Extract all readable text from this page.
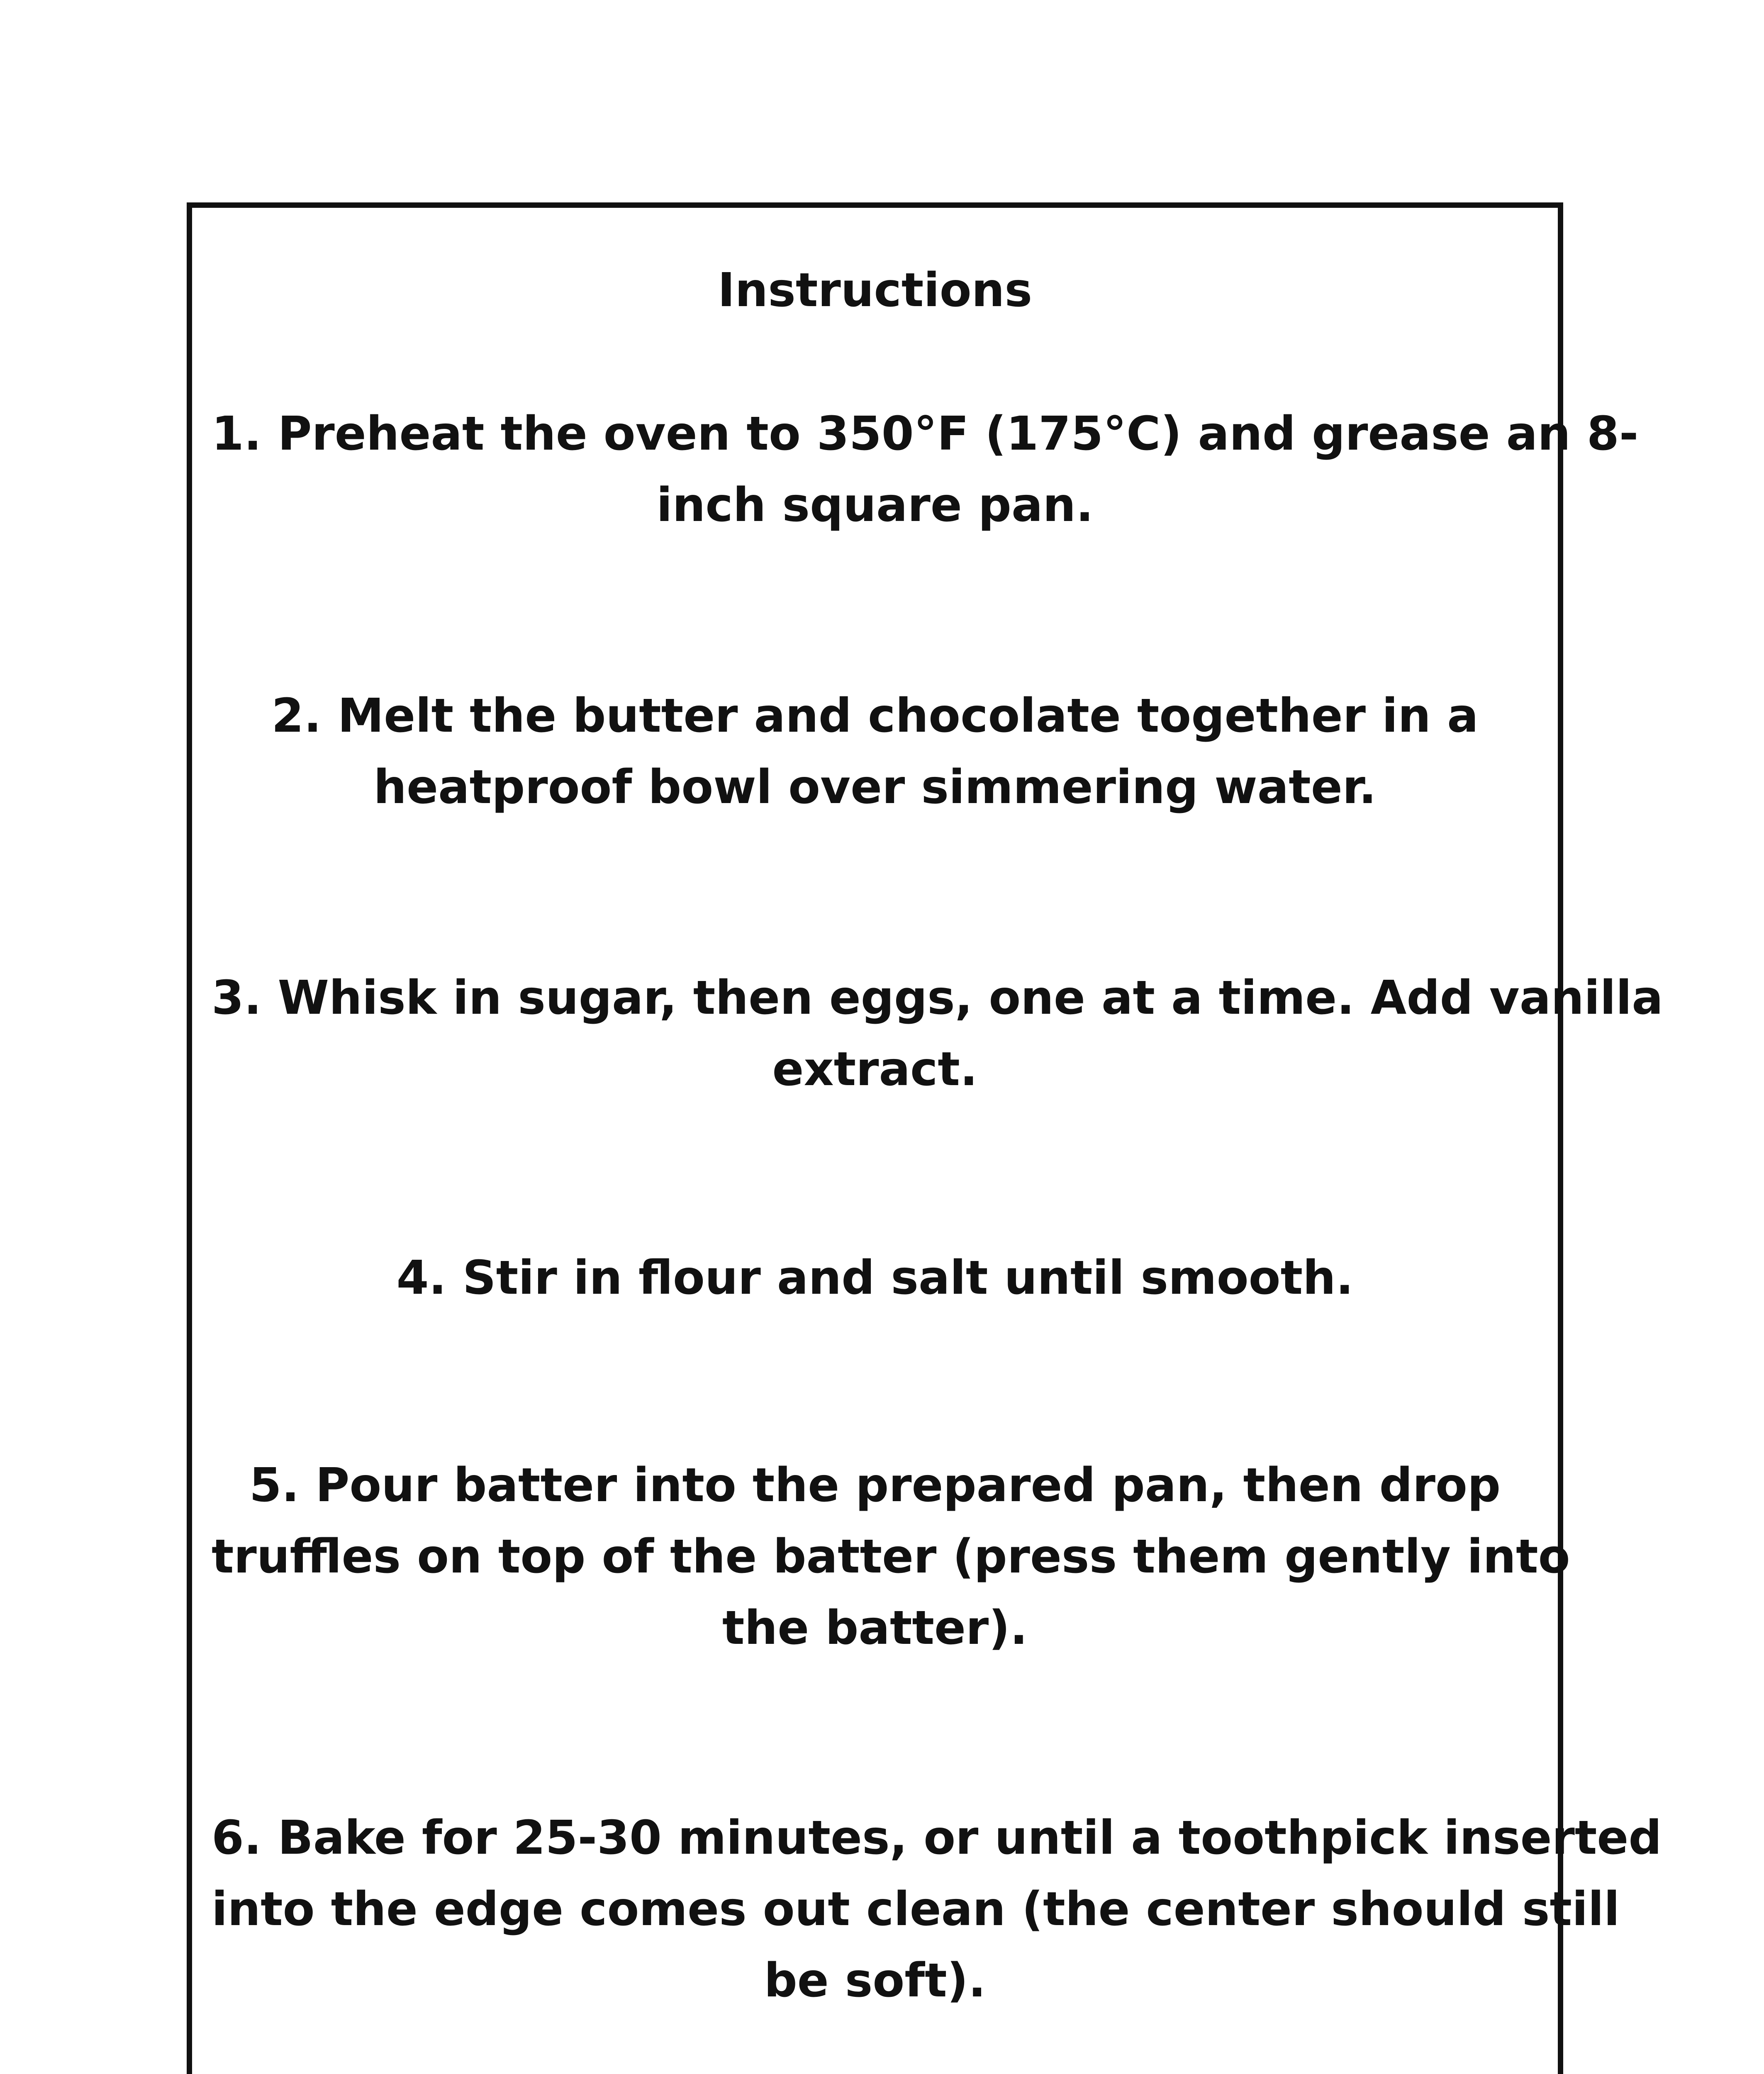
Instructions
1. Preheat the oven to 350°F (175°C) and grease an 8-
inch square pan.
2. Melt the butter and chocolate together in a
heatproof bowl over simmering water.
3. Whisk in sugar, then eggs, one at a time. Add vanilla
extract.
4. Stir in flour and salt until smooth.
5. Pour batter into the prepared pan, then drop
truffles on top of the batter (press them gently into
the batter).
6. Bake for 25-30 minutes, or until a toothpick inserted
into the edge comes out clean (the center should still
be soft).
